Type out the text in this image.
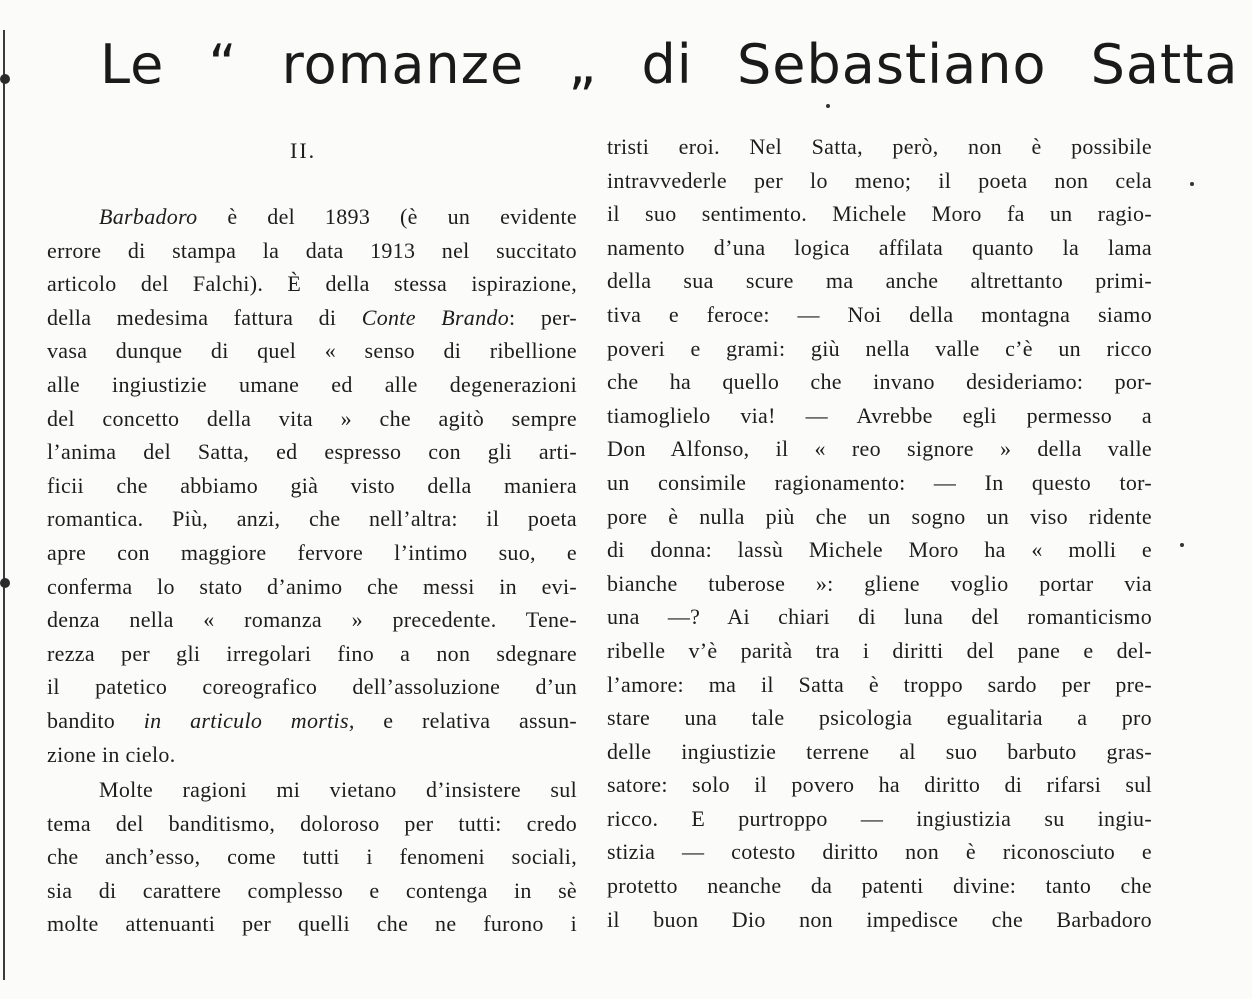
Le “ romanze „ di Sebastiano Satta
II.
Barbadoro è del 1893 (è un evidente
errore di stampa la data 1913 nel succitato
articolo del Falchi). È della stessa ispirazione,
della medesima fattura di Conte Brando: per-
vasa dunque di quel « senso di ribellione
alle ingiustizie umane ed alle degenerazioni
del concetto della vita » che agitò sempre
l’anima del Satta, ed espresso con gli arti-
ficii che abbiamo già visto della maniera
romantica. Più, anzi, che nell’altra: il poeta
apre con maggiore fervore l’intimo suo, e
conferma lo stato d’animo che messi in evi-
denza nella « romanza » precedente. Tene-
rezza per gli irregolari fino a non sdegnare
il patetico coreografico dell’assoluzione d’un
bandito in articulo mortis, e relativa assun-
zione in cielo.
Molte ragioni mi vietano d’insistere sul
tema del banditismo, doloroso per tutti: credo
che anch’esso, come tutti i fenomeni sociali,
sia di carattere complesso e contenga in sè
molte attenuanti per quelli che ne furono i
tristi eroi. Nel Satta, però, non è possibile
intravvederle per lo meno; il poeta non cela
il suo sentimento. Michele Moro fa un ragio-
namento d’una logica affilata quanto la lama
della sua scure ma anche altrettanto primi-
tiva e feroce: — Noi della montagna siamo
poveri e grami: giù nella valle c’è un ricco
che ha quello che invano desideriamo: por-
tiamoglielo via! — Avrebbe egli permesso a
Don Alfonso, il « reo signore » della valle
un consimile ragionamento: — In questo tor-
pore è nulla più che un sogno un viso ridente
di donna: lassù Michele Moro ha « molli e
bianche tuberose »: gliene voglio portar via
una —? Ai chiari di luna del romanticismo
ribelle v’è parità tra i diritti del pane e del-
l’amore: ma il Satta è troppo sardo per pre-
stare una tale psicologia egualitaria a pro
delle ingiustizie terrene al suo barbuto gras-
satore: solo il povero ha diritto di rifarsi sul
ricco. E purtroppo — ingiustizia su ingiu-
stizia — cotesto diritto non è riconosciuto e
protetto neanche da patenti divine: tanto che
il buon Dio non impedisce che Barbadoro
